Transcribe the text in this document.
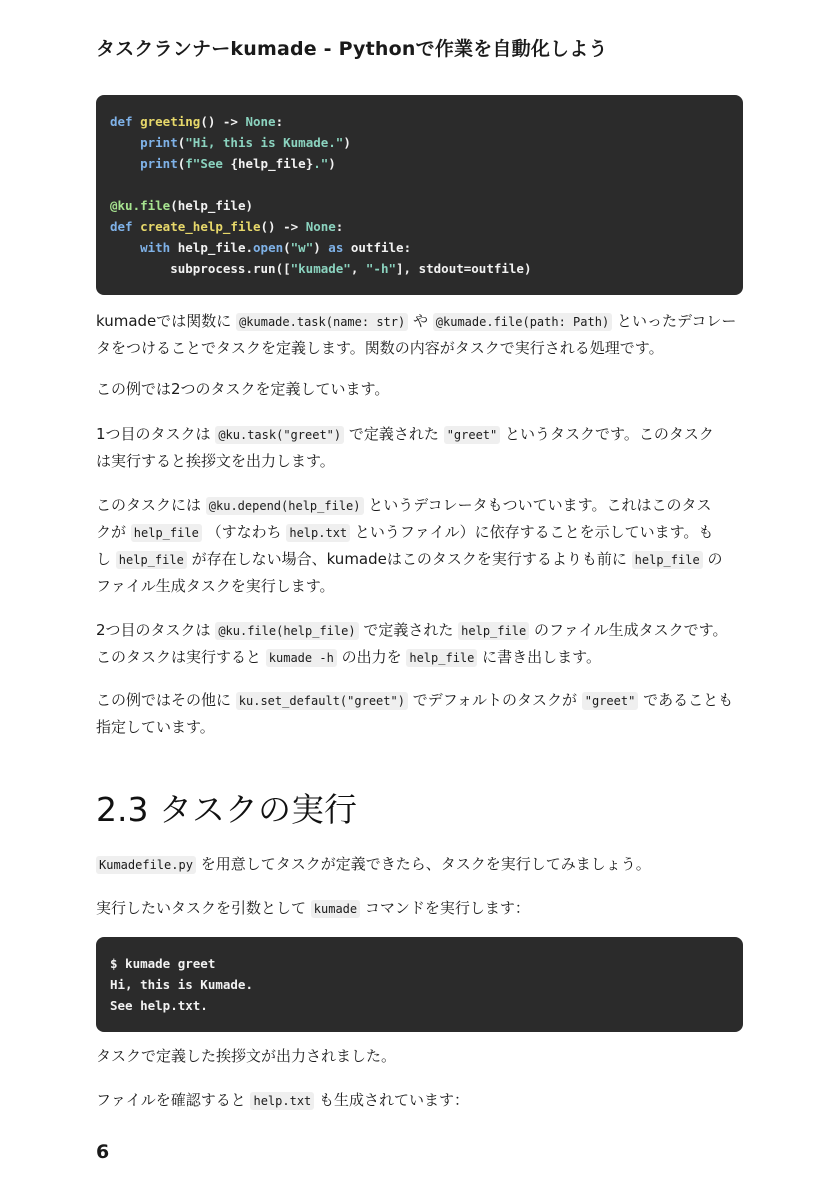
タスクランナーkumade - Pythonで作業を自動化しよう
def greeting() -> None:
print("Hi, this is Kumade.")
print(f"See {help_file}.")
@ku.file(help_file)
def create_help_file() -> None:
with help_file.open("w") as outfile:
subprocess.run(["kumade", "-h"], stdout=outfile)
kumadeでは関数に @kumade.task(name: str) や @kumade.file(path: Path) といったデコレー
タをつけることでタスクを定義します。関数の内容がタスクで実行される処理です。
この例では2つのタスクを定義しています。
1つ目のタスクは @ku.task("greet") で定義された "greet" というタスクです。このタスク
は実行すると挨拶文を出力します。
このタスクには @ku.depend(help_file) というデコレータもついています。これはこのタス
クが help_file （すなわち help.txt というファイル）に依存することを示しています。も
し help_file が存在しない場合、kumadeはこのタスクを実行するよりも前に help_file の
ファイル生成タスクを実行します。
2つ目のタスクは @ku.file(help_file) で定義された help_file のファイル生成タスクです。
このタスクは実行すると kumade -h の出力を help_file に書き出します。
この例ではその他に ku.set_default("greet") でデフォルトのタスクが "greet" であることも
指定しています。
2.3 タスクの実行
Kumadefile.py を用意してタスクが定義できたら、タスクを実行してみましょう。
実行したいタスクを引数として kumade コマンドを実行します：
$ kumade greet
Hi, this is Kumade.
See help.txt.
タスクで定義した挨拶文が出力されました。
ファイルを確認すると help.txt も生成されています：
6
